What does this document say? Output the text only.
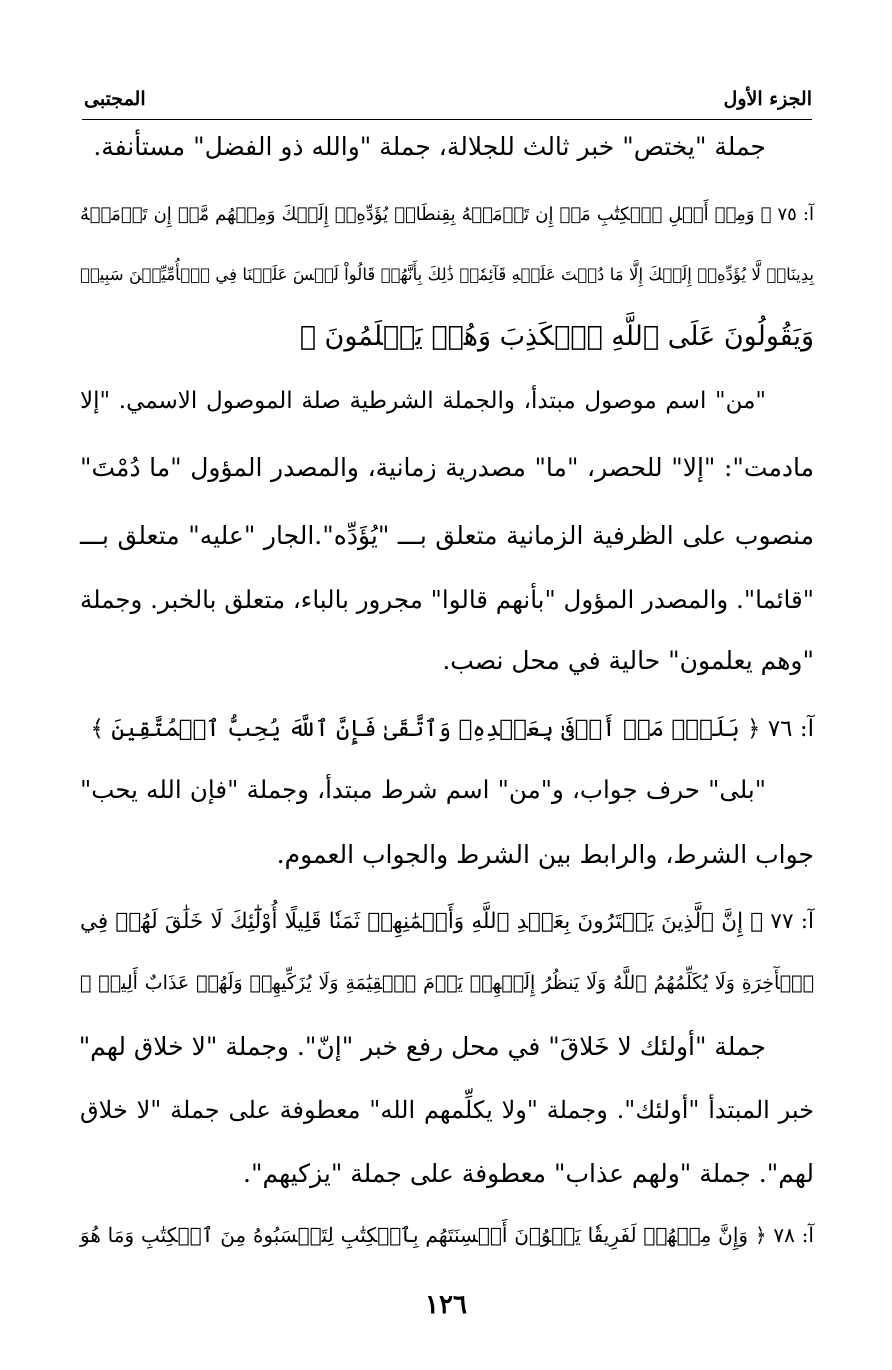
الجزء الأول
المجتبى
جملة "يختص" خبر ثالث للجلالة، جملة "والله ذو الفضل" مستأنفة.
آ: ٧٥ ﴿ وَمِنۡ أَهۡلِ ٱلۡكِتَٰبِ مَنۡ إِن تَأۡمَنۡهُ بِقِنطَارٖ يُؤَدِّهِۦٓ إِلَيۡكَ وَمِنۡهُم مَّنۡ إِن تَأۡمَنۡهُ
بِدِينَارٖ لَّا يُؤَدِّهِۦٓ إِلَيۡكَ إِلَّا مَا دُمۡتَ عَلَيۡهِ قَآئِمٗاۗ ذَٰلِكَ بِأَنَّهُمۡ قَالُواْ لَيۡسَ عَلَيۡنَا فِي ٱلۡأُمِّيِّـۧنَ سَبِيلٞ
وَيَقُولُونَ عَلَى ٱللَّهِ ٱلۡكَذِبَ وَهُمۡ يَعۡلَمُونَ ﴾
"من" اسم موصول مبتدأ، والجملة الشرطية صلة الموصول الاسمي. "إلا
مادمت": "إلا" للحصر، "ما" مصدرية زمانية، والمصدر المؤول "ما دُمْتَ"
منصوب على الظرفية الزمانية متعلق بـــ "يُؤَدِّه".الجار "عليه" متعلق بـــ
"قائما". والمصدر المؤول "بأنهم قالوا" مجرور بالباء، متعلق بالخبر. وجملة
"وهم يعلمون" حالية في محل نصب.
آ: ٧٦ ﴿ بَلَىٰۚ مَنۡ أَوۡفَىٰ بِعَهۡدِهِۦ وَٱتَّقَىٰ فَإِنَّ ٱللَّهَ يُحِبُّ ٱلۡمُتَّقِينَ ﴾
"بلى" حرف جواب، و"من" اسم شرط مبتدأ، وجملة "فإن الله يحب"
جواب الشرط، والرابط بين الشرط والجواب العموم.
آ: ٧٧ ﴿ إِنَّ ٱلَّذِينَ يَشۡتَرُونَ بِعَهۡدِ ٱللَّهِ وَأَيۡمَٰنِهِمۡ ثَمَنٗا قَلِيلًا أُوْلَٰٓئِكَ لَا خَلَٰقَ لَهُمۡ فِي
ٱلۡأٓخِرَةِ وَلَا يُكَلِّمُهُمُ ٱللَّهُ وَلَا يَنظُرُ إِلَيۡهِمۡ يَوۡمَ ٱلۡقِيَٰمَةِ وَلَا يُزَكِّيهِمۡ وَلَهُمۡ عَذَابٌ أَلِيمٞ ﴾
جملة "أولئك لا خَلاقَ" في محل رفع خبر "إنّ". وجملة "لا خلاق لهم"
خبر المبتدأ "أولئك". وجملة "ولا يكلِّمهم الله" معطوفة على جملة "لا خلاق
لهم". جملة "ولهم عذاب" معطوفة على جملة "يزكيهم".
آ: ٧٨ ﴿ وَإِنَّ مِنۡهُمۡ لَفَرِيقٗا يَلۡوُۥنَ أَلۡسِنَتَهُم بِٱلۡكِتَٰبِ لِتَحۡسَبُوهُ مِنَ ٱلۡكِتَٰبِ وَمَا هُوَ
١٢٦
